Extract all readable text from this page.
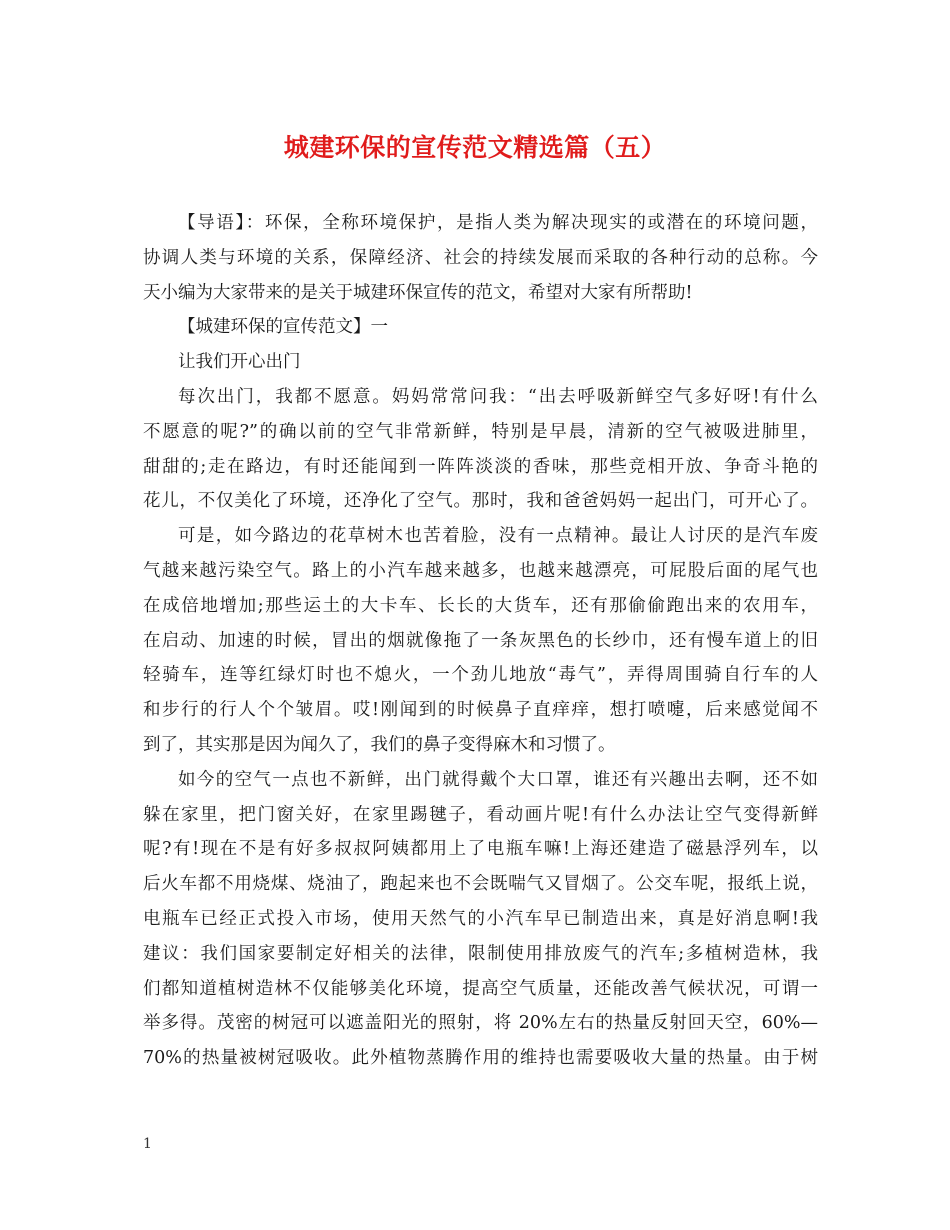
城建环保的宣传范文精选篇（五）
【导语】：环保，全称环境保护，是指人类为解决现实的或潜在的环境问题，
协调人类与环境的关系，保障经济、社会的持续发展而采取的各种行动的总称。今
天小编为大家带来的是关于城建环保宣传的范文，希望对大家有所帮助!
【城建环保的宣传范文】一
让我们开心出门
每次出门，我都不愿意。妈妈常常问我：“出去呼吸新鲜空气多好呀!有什么
不愿意的呢?”的确以前的空气非常新鲜，特别是早晨，清新的空气被吸进肺里，
甜甜的;走在路边，有时还能闻到一阵阵淡淡的香味，那些竞相开放、争奇斗艳的
花儿，不仅美化了环境，还净化了空气。那时，我和爸爸妈妈一起出门，可开心了。
可是，如今路边的花草树木也苦着脸，没有一点精神。最让人讨厌的是汽车废
气越来越污染空气。路上的小汽车越来越多，也越来越漂亮，可屁股后面的尾气也
在成倍地增加;那些运土的大卡车、长长的大货车，还有那偷偷跑出来的农用车，
在启动、加速的时候，冒出的烟就像拖了一条灰黑色的长纱巾，还有慢车道上的旧
轻骑车，连等红绿灯时也不熄火，一个劲儿地放“毒气”，弄得周围骑自行车的人
和步行的行人个个皱眉。哎!刚闻到的时候鼻子直痒痒，想打喷嚏，后来感觉闻不
到了，其实那是因为闻久了，我们的鼻子变得麻木和习惯了。
如今的空气一点也不新鲜，出门就得戴个大口罩，谁还有兴趣出去啊，还不如
躲在家里，把门窗关好，在家里踢毽子，看动画片呢!有什么办法让空气变得新鲜
呢?有!现在不是有好多叔叔阿姨都用上了电瓶车嘛!上海还建造了磁悬浮列车，以
后火车都不用烧煤、烧油了，跑起来也不会既喘气又冒烟了。公交车呢，报纸上说，
电瓶车已经正式投入市场，使用天然气的小汽车早已制造出来，真是好消息啊!我
建议：我们国家要制定好相关的法律，限制使用排放废气的汽车;多植树造林，我
们都知道植树造林不仅能够美化环境，提高空气质量，还能改善气候状况，可谓一
举多得。茂密的树冠可以遮盖阳光的照射，将 20%左右的热量反射回天空，60%—
70%的热量被树冠吸收。此外植物蒸腾作用的维持也需要吸收大量的热量。由于树
1
